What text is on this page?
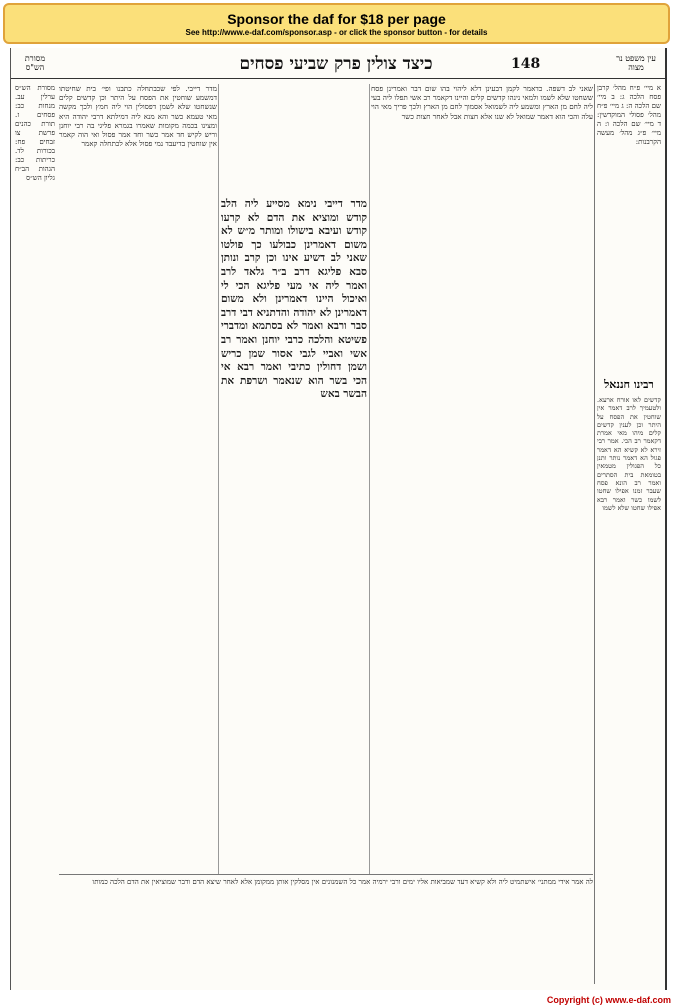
Sponsor the daf for $18 per page
See http://www.e-daf.com/sponsor.asp - or click the sponsor button - for details
מסורת הש"ס	כיצד צולין פרק שביעי פסחים	148	עין משפט נר מצוה
מסורת הש״ס ערלין עב. מנחות כב: פסחים ז. תורת כהנים פרשת צו זבחים פח: בכורות לד. כריתות כב: הגהות הב״ח גליון הש״ס
מדר דייבי. לפי שכבתחלה כתבנו ופי׳ בית שחיטתו דמשמע שוחטין את הפסח על היתר וכן קדשים קלים שנשחטו שלא לשמן דפסולין הוי ליה חמץ ולכך מקשה מאי טעמא כשר והא מנא ליה דמילתא דרבי יהודה היא ומצינו בכמה מקומות שאמרו בגמרא פליגי בה רבי יוחנן וריש לקיש חד אמר כשר וחד אמר פסול ואי הוה קאמר אין שוחטין בדיעבד נמי פסול אלא לכתחלה קאמר
מדר דייבי נימא מסייע ליה הלב קודש ומוציא את הדם לא קרעו קודש ועיבא בישולו ומותר מ״ש לא משום דאמרינן כבולעו כך פולטו שאני לב דשיע אינו וכן קרב ונותן סבא פליגא דרב ב״ר גלאד לרב ואמר ליה אי מעי פליגא הכי לי ואיכול היינו דאמרינן ולא משום דאמרינן לא יהודה והדתניא דבי דרב סבר ורבא ואמר לא בסתמא ומדברי פשיטא והלכה כרבי יוחנן ואמר רב אשי ואביי לגבי אסור שמן כריש ושמן דחולין כתיבי ואמר רבא אי הכי בשר הוא שנאמר ושרפת את הבשר באש
שאני לב דשפה. כדאמר לקמן דבעינן דלא ליהוי בהו שום דבר ואמרינן פסח ששחטו שלא לשמו ולמאי נינהו קדשים קלים והיינו דקאמר רב אשי תפלו ליה בעי ליה לחם מן הארץ ומשמע ליה לשמואל אסמוך לחם מן הארץ ולכך פריך מאי הוי עלה והכי הוא דאמר שמואל לא שנו אלא חצות אבל לאחר חצות כשר
א מיי׳ פ״ח מהל׳ קרבן פסח הלכה ג: ב מיי׳ שם הלכה ה: ג מיי׳ פ״ח מהל׳ פסולי המוקדשין: ד מיי׳ שם הלכה ו: ה מיי׳ פ״ג מהל׳ מעשה הקרבנות:
רבינו חננאל
קדשים לאו אורח ארעא. ולטעמיך לרב דאמר אין שוחטין את הפסח על היתר וכן לענין קדשים קלים מיהו מאי אמרת דקאמר רב הכי. אמר רבי זירא לא קשיא הא דאמר פגול הא דאמר נותר ותנן כל הפגולין מטמאין בטומאת בית הסתרים ואמר רב הונא פסח שעבר זמנו אפילו שחטו לשמו כשר ואמר רבא אפילו שחטו שלא לשמו
לה אמר אידי ממתני׳ אישתמיט ליה ולא קשיא דעד שמביאות אליו ימים ורבי ירמיה אמר כל השמנונים אין מסלקין אותן ממקומן אלא לאחר שיצא הדם ודבר שמוציאין את הדם הלכה כמותו
Copyright (c) www.e-daf.com
